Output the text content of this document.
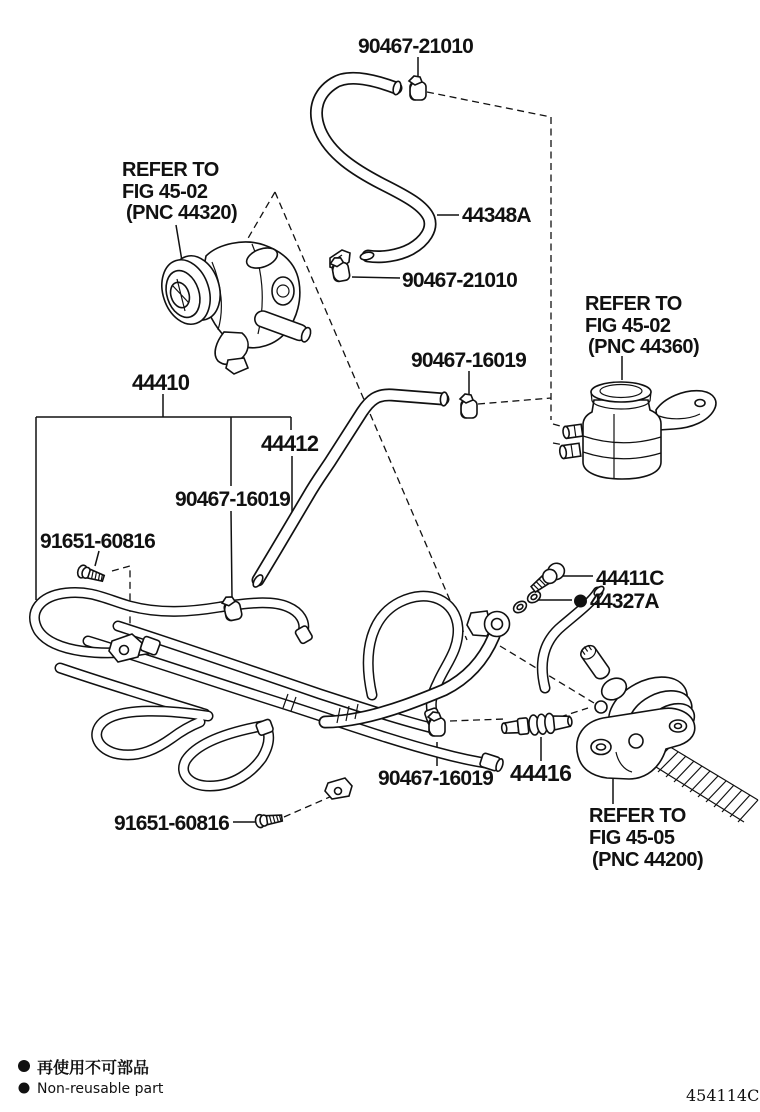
90467-21010
REFER TO
FIG 45-02
(PNC 44320)	44348A
90467-21010
REFER TO
FIG 45-02
(PNC 44360)
90467-16019
44410
44412
90467-16019
91651-60816
44411C
44327A
90467-16019 44416
REFER TO
FIG 45-05
(PNC 44200)
91651-60816
再使用不可部品
Non-reusable part	454114C
